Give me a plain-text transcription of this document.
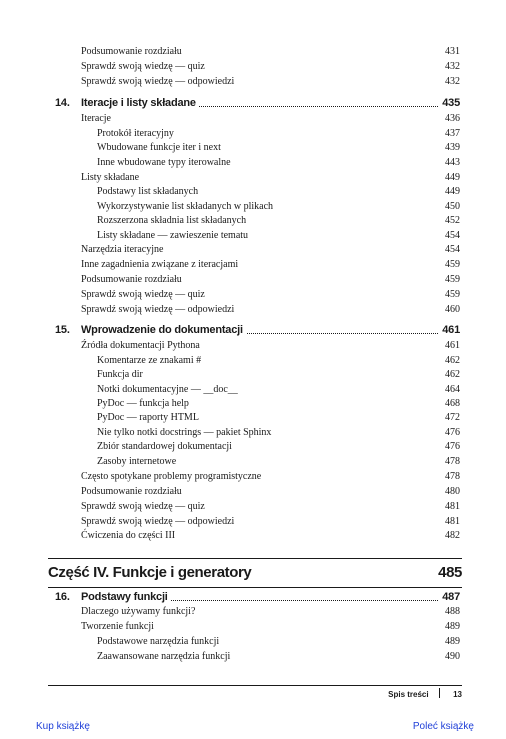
Podsumowanie rozdziału	431
Sprawdź swoją wiedzę — quiz	432
Sprawdź swoją wiedzę — odpowiedzi	432
14. Iteracje i listy składane	435
Iteracje	436
Protokół iteracyjny	437
Wbudowane funkcje iter i next	439
Inne wbudowane typy iterowalne	443
Listy składane	449
Podstawy list składanych	449
Wykorzystywanie list składanych w plikach	450
Rozszerzona składnia list składanych	452
Listy składane — zawieszenie tematu	454
Narzędzia iteracyjne	454
Inne zagadnienia związane z iteracjami	459
Podsumowanie rozdziału	459
Sprawdź swoją wiedzę — quiz	459
Sprawdź swoją wiedzę — odpowiedzi	460
15. Wprowadzenie do dokumentacji	461
Źródła dokumentacji Pythona	461
Komentarze ze znakami #	462
Funkcja dir	462
Notki dokumentacyjne — __doc__	464
PyDoc — funkcja help	468
PyDoc — raporty HTML	472
Nie tylko notki docstrings — pakiet Sphinx	476
Zbiór standardowej dokumentacji	476
Zasoby internetowe	478
Często spotykane problemy programistyczne	478
Podsumowanie rozdziału	480
Sprawdź swoją wiedzę — quiz	481
Sprawdź swoją wiedzę — odpowiedzi	481
Ćwiczenia do części III	482
Część IV. Funkcje i generatory	485
16. Podstawy funkcji	487
Dlaczego używamy funkcji?	488
Tworzenie funkcji	489
Podstawowe narzędzia funkcji	489
Zaawansowane narzędzia funkcji	490
Spis treści	13
Kup książkę	Poleć książkę
